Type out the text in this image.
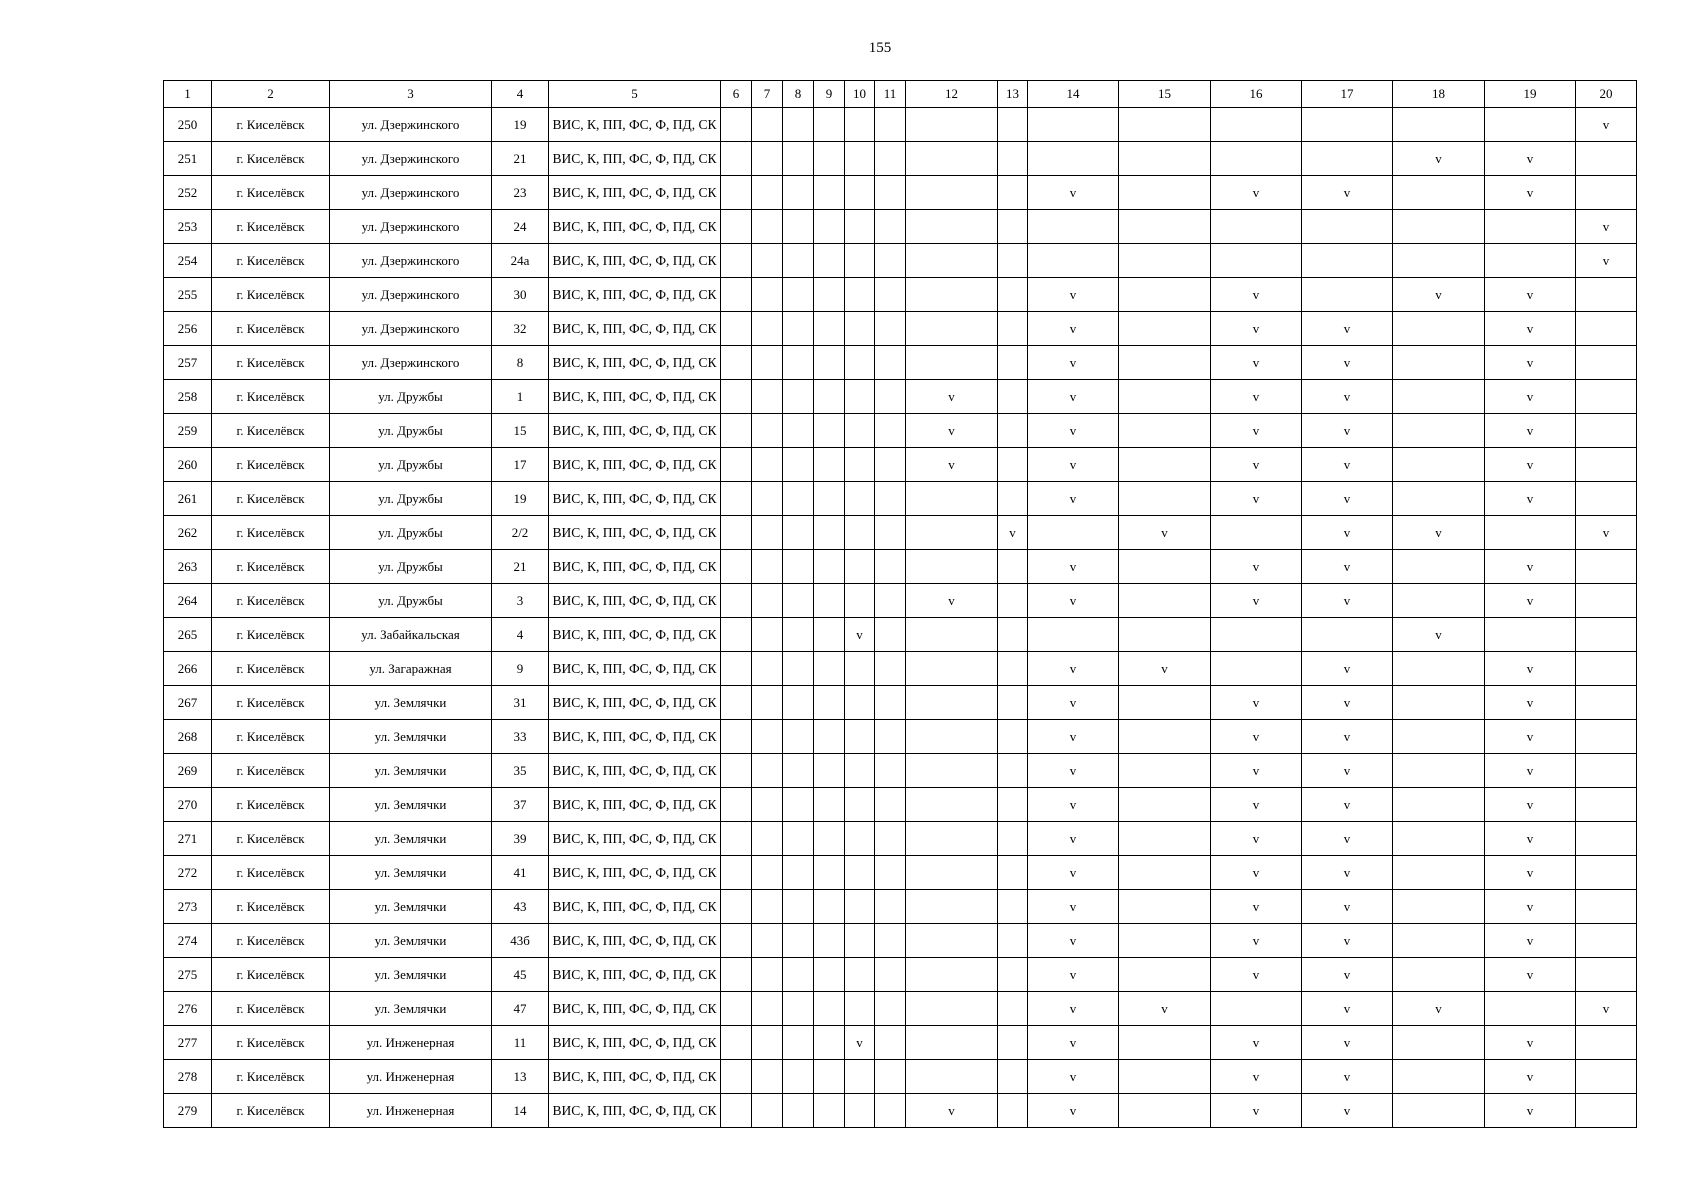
155
1	2	3	4	5	6	7	8	9	10	11	12	13	14	15	16	17	18	19	20
250	г. Киселёвск	ул. Дзержинского	19	ВИС, К, ПП, ФС, Ф, ПД, СК															v
251	г. Киселёвск	ул. Дзержинского	21	ВИС, К, ПП, ФС, Ф, ПД, СК													v	v	
252	г. Киселёвск	ул. Дзержинского	23	ВИС, К, ПП, ФС, Ф, ПД, СК									v		v	v		v	
253	г. Киселёвск	ул. Дзержинского	24	ВИС, К, ПП, ФС, Ф, ПД, СК															v
254	г. Киселёвск	ул. Дзержинского	24а	ВИС, К, ПП, ФС, Ф, ПД, СК															v
255	г. Киселёвск	ул. Дзержинского	30	ВИС, К, ПП, ФС, Ф, ПД, СК									v		v		v	v	
256	г. Киселёвск	ул. Дзержинского	32	ВИС, К, ПП, ФС, Ф, ПД, СК									v		v	v		v	
257	г. Киселёвск	ул. Дзержинского	8	ВИС, К, ПП, ФС, Ф, ПД, СК									v		v	v		v	
258	г. Киселёвск	ул. Дружбы	1	ВИС, К, ПП, ФС, Ф, ПД, СК							v		v		v	v		v	
259	г. Киселёвск	ул. Дружбы	15	ВИС, К, ПП, ФС, Ф, ПД, СК							v		v		v	v		v	
260	г. Киселёвск	ул. Дружбы	17	ВИС, К, ПП, ФС, Ф, ПД, СК							v		v		v	v		v	
261	г. Киселёвск	ул. Дружбы	19	ВИС, К, ПП, ФС, Ф, ПД, СК									v		v	v		v	
262	г. Киселёвск	ул. Дружбы	2/2	ВИС, К, ПП, ФС, Ф, ПД, СК								v		v		v	v		v
263	г. Киселёвск	ул. Дружбы	21	ВИС, К, ПП, ФС, Ф, ПД, СК									v		v	v		v	
264	г. Киселёвск	ул. Дружбы	3	ВИС, К, ПП, ФС, Ф, ПД, СК							v		v		v	v		v	
265	г. Киселёвск	ул. Забайкальская	4	ВИС, К, ПП, ФС, Ф, ПД, СК					v								v		
266	г. Киселёвск	ул. Загаражная	9	ВИС, К, ПП, ФС, Ф, ПД, СК									v	v		v		v	
267	г. Киселёвск	ул. Землячки	31	ВИС, К, ПП, ФС, Ф, ПД, СК									v		v	v		v	
268	г. Киселёвск	ул. Землячки	33	ВИС, К, ПП, ФС, Ф, ПД, СК									v		v	v		v	
269	г. Киселёвск	ул. Землячки	35	ВИС, К, ПП, ФС, Ф, ПД, СК									v		v	v		v	
270	г. Киселёвск	ул. Землячки	37	ВИС, К, ПП, ФС, Ф, ПД, СК									v		v	v		v	
271	г. Киселёвск	ул. Землячки	39	ВИС, К, ПП, ФС, Ф, ПД, СК									v		v	v		v	
272	г. Киселёвск	ул. Землячки	41	ВИС, К, ПП, ФС, Ф, ПД, СК									v		v	v		v	
273	г. Киселёвск	ул. Землячки	43	ВИС, К, ПП, ФС, Ф, ПД, СК									v		v	v		v	
274	г. Киселёвск	ул. Землячки	43б	ВИС, К, ПП, ФС, Ф, ПД, СК									v		v	v		v	
275	г. Киселёвск	ул. Землячки	45	ВИС, К, ПП, ФС, Ф, ПД, СК									v		v	v		v	
276	г. Киселёвск	ул. Землячки	47	ВИС, К, ПП, ФС, Ф, ПД, СК									v	v		v	v		v
277	г. Киселёвск	ул. Инженерная	11	ВИС, К, ПП, ФС, Ф, ПД, СК					v				v		v	v		v	
278	г. Киселёвск	ул. Инженерная	13	ВИС, К, ПП, ФС, Ф, ПД, СК									v		v	v		v	
279	г. Киселёвск	ул. Инженерная	14	ВИС, К, ПП, ФС, Ф, ПД, СК							v		v		v	v		v	
